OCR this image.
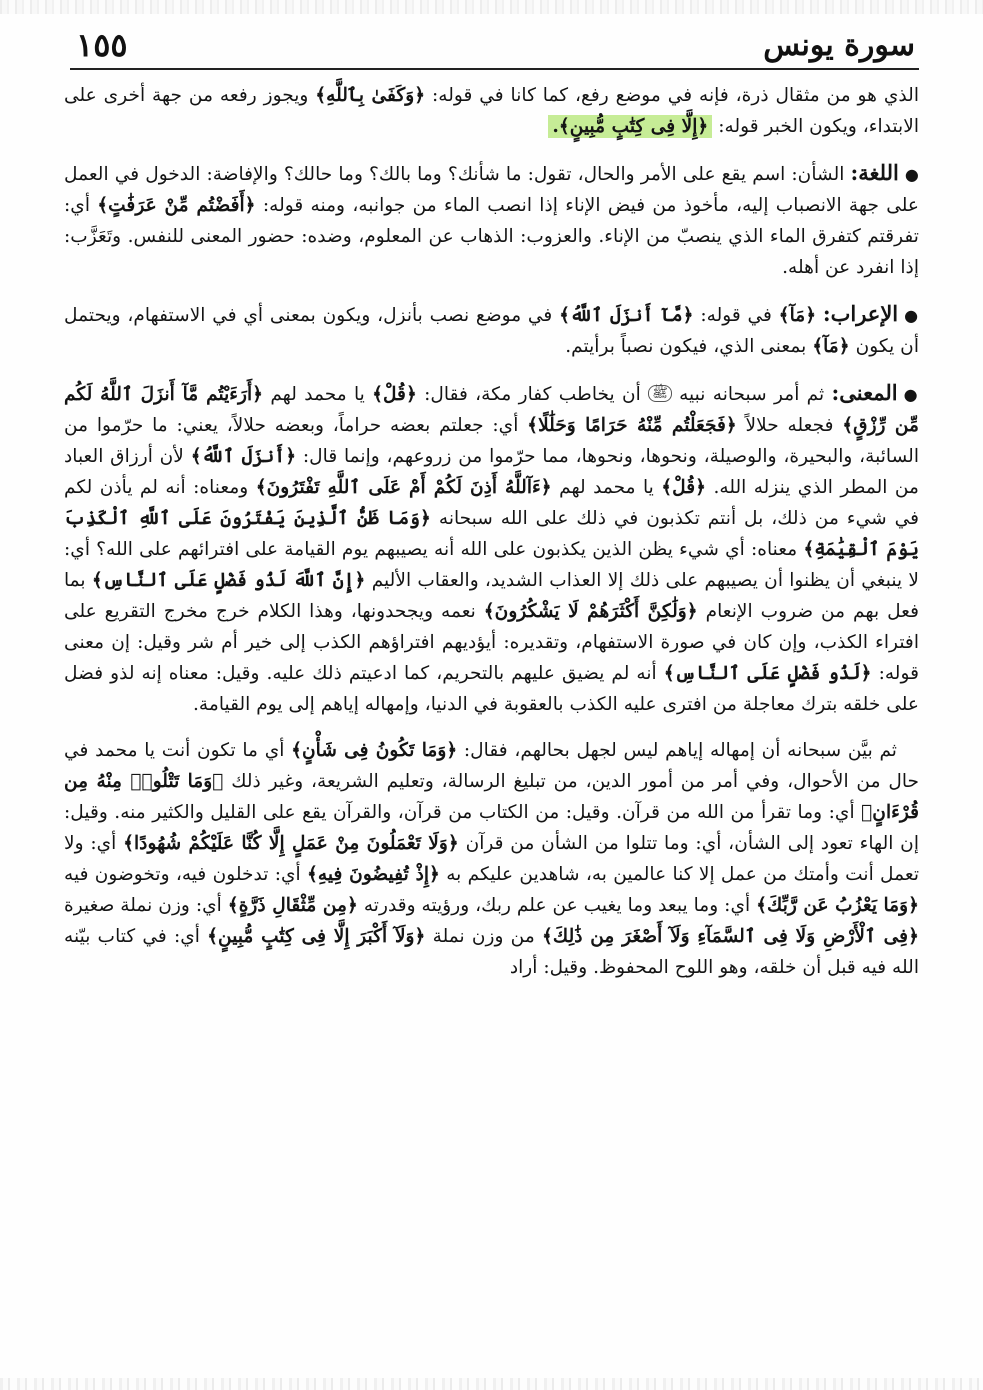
سورة يونس
١٥٥

الذي هو من مثقال ذرة، فإنه في موضع رفع، كما كانا في قوله: ﴿وَكَفَىٰ بِٱللَّهِ﴾ ويجوز رفعه من جهة أخرى على الابتداء، ويكون الخبر قوله: ﴿إِلَّا فِى كِتَٰبٍ مُّبِينٍ﴾.

●اللغة: الشأن: اسم يقع على الأمر والحال، تقول: ما شأنك؟ وما بالك؟ وما حالك؟ والإفاضة: الدخول في العمل على جهة الانصباب إليه، مأخوذ من فيض الإناء إذا انصب الماء من جوانبه، ومنه قوله: ﴿أَفَضْتُم مِّنْ عَرَفَٰتٍ﴾ أي: تفرقتم كتفرق الماء الذي ينصبّ من الإناء. والعزوب: الذهاب عن المعلوم، وضده: حضور المعنى للنفس. وتَعَزَّب: إذا انفرد عن أهله.

●الإعراب: ﴿مَآ﴾ في قوله: ﴿مَّآ أَنزَلَ ٱللَّهُ﴾ في موضع نصب بأنزل، ويكون بمعنى أي في الاستفهام، ويحتمل أن يكون ﴿مَآ﴾ بمعنى الذي، فيكون نصباً برأيتم.

●المعنى: ثم أمر سبحانه نبيه ﷺ أن يخاطب كفار مكة، فقال: ﴿قُلْ﴾ يا محمد لهم ﴿أَرَءَيْتُم مَّآ أَنزَلَ ٱللَّهُ لَكُم مِّن رِّزْقٍ﴾ فجعله حلالاً ﴿فَجَعَلْتُم مِّنْهُ حَرَامًا وَحَلَٰلًا﴾ أي: جعلتم بعضه حراماً، وبعضه حلالاً، يعني: ما حرّموا من السائبة، والبحيرة، والوصيلة، ونحوها، ونحوها، مما حرّموا من زروعهم، وإنما قال: ﴿أَنزَلَ ٱللَّهُ﴾ لأن أرزاق العباد من المطر الذي ينزله الله. ﴿قُلْ﴾ يا محمد لهم ﴿ءَآللَّهُ أَذِنَ لَكُمْ أَمْ عَلَى ٱللَّهِ تَفْتَرُونَ﴾ ومعناه: أنه لم يأذن لكم في شيء من ذلك، بل أنتم تكذبون في ذلك على الله سبحانه ﴿وَمَا ظَنُّ ٱلَّذِينَ يَفْتَرُونَ عَلَى ٱللَّهِ ٱلْكَذِبَ يَوْمَ ٱلْقِيَٰمَةِ﴾ معناه: أي شيء يظن الذين يكذبون على الله أنه يصيبهم يوم القيامة على افترائهم على الله؟ أي: لا ينبغي أن يظنوا أن يصيبهم على ذلك إلا العذاب الشديد، والعقاب الأليم ﴿إِنَّ ٱللَّهَ لَذُو فَضْلٍ عَلَى ٱلنَّاسِ﴾ بما فعل بهم من ضروب الإنعام ﴿وَلَٰكِنَّ أَكْثَرَهُمْ لَا يَشْكُرُونَ﴾ نعمه ويجحدونها، وهذا الكلام خرج مخرج التقريع على افتراء الكذب، وإن كان في صورة الاستفهام، وتقديره: أيؤديهم افتراؤهم الكذب إلى خير أم شر وقيل: إن معنى قوله: ﴿لَذُو فَضْلٍ عَلَى ٱلنَّاسِ﴾ أنه لم يضيق عليهم بالتحريم، كما ادعيتم ذلك عليه. وقيل: معناه إنه لذو فضل على خلقه بترك معاجلة من افترى عليه الكذب بالعقوبة في الدنيا، وإمهاله إياهم إلى يوم القيامة.

ثم بيَّن سبحانه أن إمهاله إياهم ليس لجهل بحالهم، فقال: ﴿وَمَا تَكُونُ فِى شَأْنٍ﴾ أي ما تكون أنت يا محمد في حال من الأحوال، وفي أمر من أمور الدين، من تبليغ الرسالة، وتعليم الشريعة، وغير ذلك ﴿وَمَا تَتْلُوا۟ مِنْهُ مِن قُرْءَانٍ﴾ أي: وما تقرأ من الله من قرآن. وقيل: من الكتاب من قرآن، والقرآن يقع على القليل والكثير منه. وقيل: إن الهاء تعود إلى الشأن، أي: وما تتلوا من الشأن من قرآن ﴿وَلَا تَعْمَلُونَ مِنْ عَمَلٍ إِلَّا كُنَّا عَلَيْكُمْ شُهُودًا﴾ أي: ولا تعمل أنت وأمتك من عمل إلا كنا عالمين به، شاهدين عليكم به ﴿إِذْ تُفِيضُونَ فِيهِ﴾ أي: تدخلون فيه، وتخوضون فيه ﴿وَمَا يَعْزُبُ عَن رَّبِّكَ﴾ أي: وما يبعد وما يغيب عن علم ربك، ورؤيته وقدرته ﴿مِن مِّثْقَالِ ذَرَّةٍ﴾ أي: وزن نملة صغيرة ﴿فِى ٱلْأَرْضِ وَلَا فِى ٱلسَّمَآءِ وَلَآ أَصْغَرَ مِن ذَٰلِكَ﴾ من وزن نملة ﴿وَلَآ أَكْبَرَ إِلَّا فِى كِتَٰبٍ مُّبِينٍ﴾ أي: في كتاب بيّنه الله فيه قبل أن خلقه، وهو اللوح المحفوظ. وقيل: أراد
